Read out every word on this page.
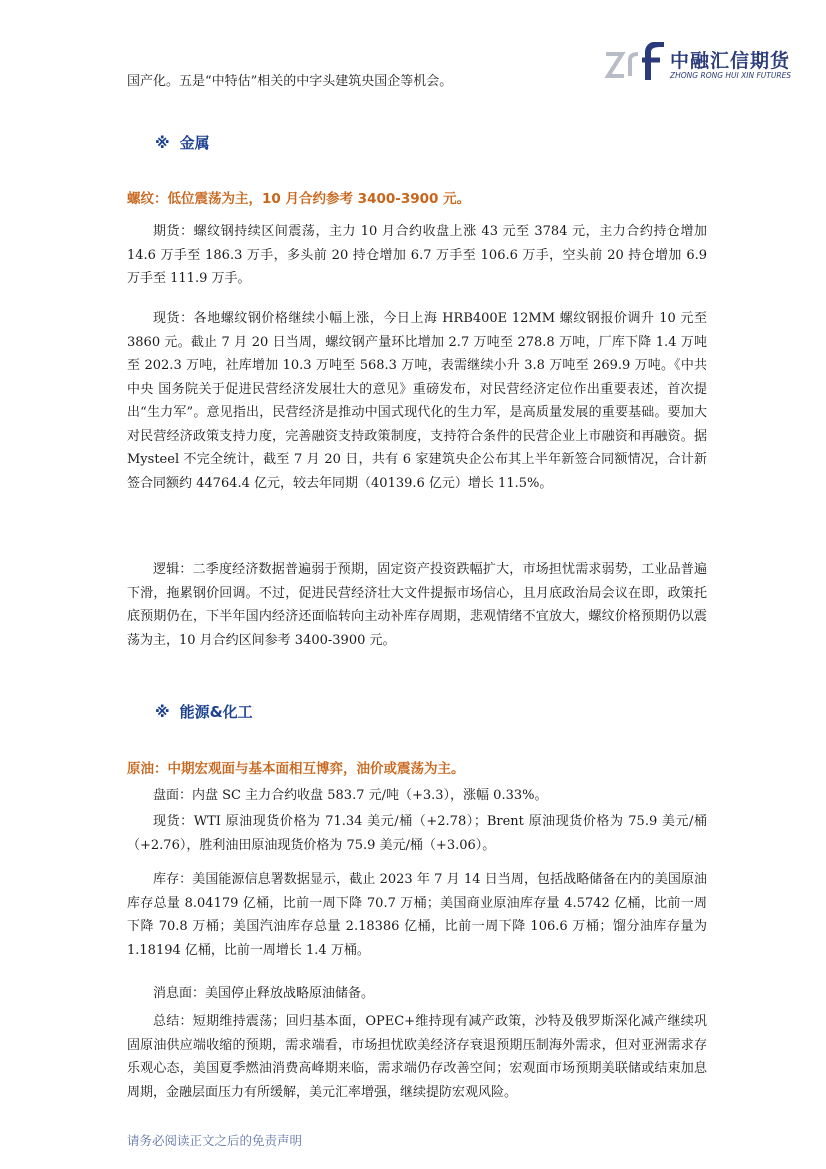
中融汇信期货
ZHONG RONG HUI XIN FUTURES

国产化。五是“中特估”相关的中字头建筑央国企等机会。

※ 金属
螺纹：低位震荡为主，10 月合约参考 3400-3900 元。

期货：螺纹钢持续区间震荡，主力 10 月合约收盘上涨 43 元至 3784 元，主力合约持仓增加 14.6 万手至 186.3 万手，多头前 20 持仓增加 6.7 万手至 106.6 万手，空头前 20 持仓增加 6.9 万手至 111.9 万手。

现货：各地螺纹钢价格继续小幅上涨，今日上海 HRB400E 12MM 螺纹钢报价调升 10 元至 3860 元。截止 7 月 20 日当周，螺纹钢产量环比增加 2.7 万吨至 278.8 万吨，厂库下降 1.4 万吨至 202.3 万吨，社库增加 10.3 万吨至 568.3 万吨，表需继续小升 3.8 万吨至 269.9 万吨。《中共中央 国务院关于促进民营经济发展壮大的意见》重磅发布，对民营经济定位作出重要表述，首次提出“生力军”。意见指出，民营经济是推动中国式现代化的生力军，是高质量发展的重要基础。要加大对民营经济政策支持力度，完善融资支持政策制度，支持符合条件的民营企业上市融资和再融资。据 Mysteel 不完全统计，截至 7 月 20 日，共有 6 家建筑央企公布其上半年新签合同额情况，合计新签合同额约 44764.4 亿元，较去年同期（40139.6 亿元）增长 11.5%。

逻辑：二季度经济数据普遍弱于预期，固定资产投资跌幅扩大，市场担忧需求弱势，工业品普遍下滑，拖累钢价回调。不过，促进民营经济壮大文件提振市场信心，且月底政治局会议在即，政策托底预期仍在，下半年国内经济还面临转向主动补库存周期，悲观情绪不宜放大，螺纹价格预期仍以震荡为主，10 月合约区间参考 3400-3900 元。

※ 能源&化工
原油：中期宏观面与基本面相互博弈，油价或震荡为主。

盘面：内盘 SC 主力合约收盘 583.7 元/吨（+3.3），涨幅 0.33%。

现货：WTI 原油现货价格为 71.34 美元/桶（+2.78）；Brent 原油现货价格为 75.9 美元/桶（+2.76），胜利油田原油现货价格为 75.9 美元/桶（+3.06）。

库存：美国能源信息署数据显示，截止 2023 年 7 月 14 日当周，包括战略储备在内的美国原油库存总量 8.04179 亿桶，比前一周下降 70.7 万桶；美国商业原油库存量 4.5742 亿桶，比前一周下降 70.8 万桶；美国汽油库存总量 2.18386 亿桶，比前一周下降 106.6 万桶；馏分油库存量为 1.18194 亿桶，比前一周增长 1.4 万桶。

消息面：美国停止释放战略原油储备。

总结：短期维持震荡；回归基本面，OPEC+维持现有减产政策，沙特及俄罗斯深化减产继续巩固原油供应端收缩的预期，需求端看，市场担忧欧美经济存衰退预期压制海外需求，但对亚洲需求存乐观心态，美国夏季燃油消费高峰期来临，需求端仍存改善空间；宏观面市场预期美联储或结束加息周期，金融层面压力有所缓解，美元汇率增强，继续提防宏观风险。

请务必阅读正文之后的免责声明
